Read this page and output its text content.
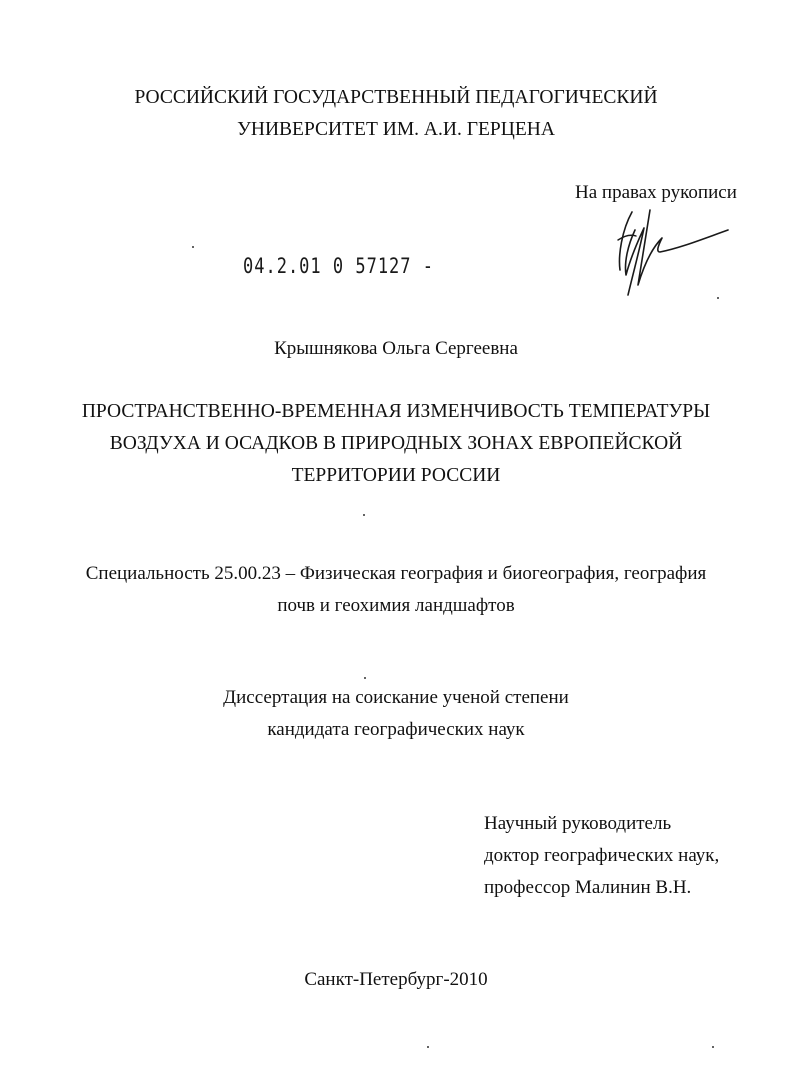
РОССИЙСКИЙ ГОСУДАРСТВЕННЫЙ ПЕДАГОГИЧЕСКИЙ
УНИВЕРСИТЕТ ИМ. А.И. ГЕРЦЕНА
На правах рукописи
04.2.01 0 57127 -
Крышнякова Ольга Сергеевна
ПРОСТРАНСТВЕННО-ВРЕМЕННАЯ ИЗМЕНЧИВОСТЬ ТЕМПЕРАТУРЫ
ВОЗДУХА И ОСАДКОВ В ПРИРОДНЫХ ЗОНАХ ЕВРОПЕЙСКОЙ
ТЕРРИТОРИИ РОССИИ
Специальность 25.00.23 – Физическая география и биогеография, география
почв и геохимия ландшафтов
Диссертация на соискание ученой степени
кандидата географических наук
Научный руководитель
доктор географических наук,
профессор Малинин В.Н.
Санкт-Петербург-2010
